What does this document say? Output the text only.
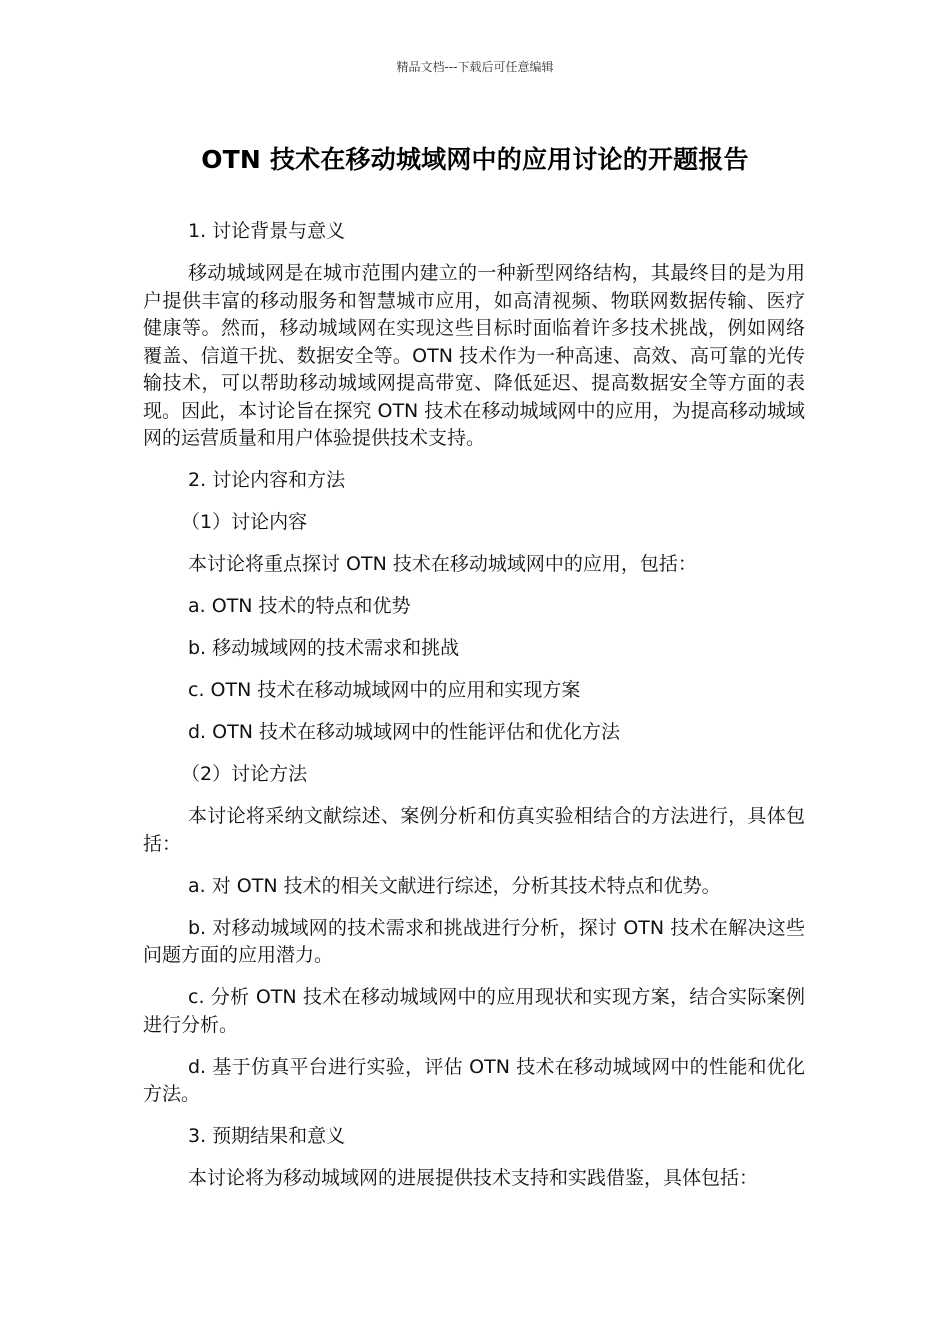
精品文档---下载后可任意编辑
OTN 技术在移动城域网中的应用讨论的开题报告

1. 讨论背景与意义

移动城域网是在城市范围内建立的一种新型网络结构，其最终目的是为用户提供丰富的移动服务和智慧城市应用，如高清视频、物联网数据传输、医疗健康等。然而，移动城域网在实现这些目标时面临着许多技术挑战，例如网络覆盖、信道干扰、数据安全等。OTN 技术作为一种高速、高效、高可靠的光传输技术，可以帮助移动城域网提高带宽、降低延迟、提高数据安全等方面的表现。因此，本讨论旨在探究 OTN 技术在移动城域网中的应用，为提高移动城域网的运营质量和用户体验提供技术支持。

2. 讨论内容和方法

（1）讨论内容

本讨论将重点探讨 OTN 技术在移动城域网中的应用，包括：

a. OTN 技术的特点和优势

b. 移动城域网的技术需求和挑战

c. OTN 技术在移动城域网中的应用和实现方案

d. OTN 技术在移动城域网中的性能评估和优化方法

（2）讨论方法

本讨论将采纳文献综述、案例分析和仿真实验相结合的方法进行，具体包括：

a. 对 OTN 技术的相关文献进行综述，分析其技术特点和优势。

b. 对移动城域网的技术需求和挑战进行分析，探讨 OTN 技术在解决这些问题方面的应用潜力。

c. 分析 OTN 技术在移动城域网中的应用现状和实现方案，结合实际案例进行分析。

d. 基于仿真平台进行实验，评估 OTN 技术在移动城域网中的性能和优化方法。

3. 预期结果和意义

本讨论将为移动城域网的进展提供技术支持和实践借鉴，具体包括：
